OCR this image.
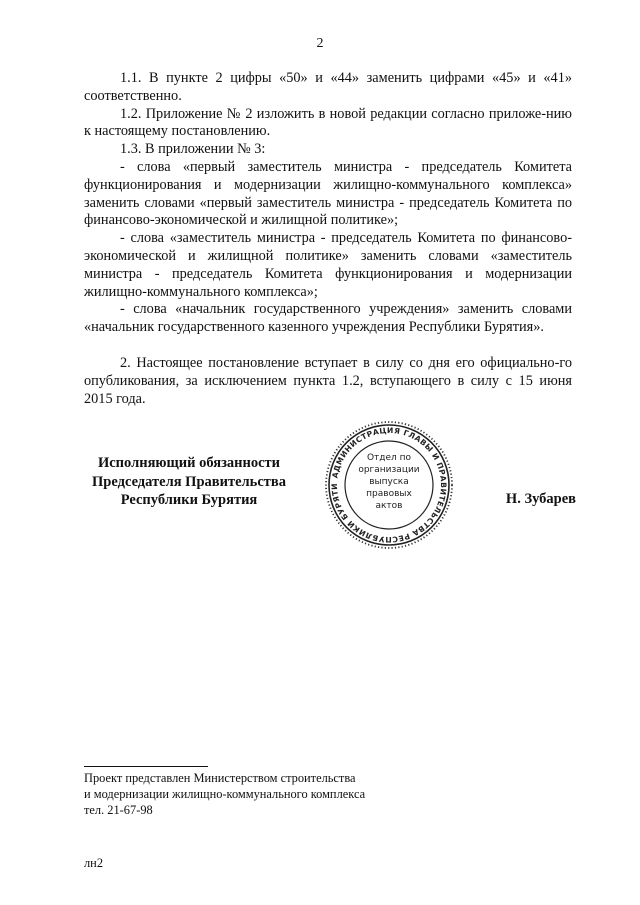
2

1.1. В пункте 2 цифры «50» и «44» заменить цифрами «45» и «41» соответственно.

1.2. Приложение № 2 изложить в новой редакции согласно приложе-нию к настоящему постановлению.

1.3. В приложении № 3:

- слова «первый заместитель министра - председатель Комитета функционирования и модернизации жилищно-коммунального комплекса» заменить словами «первый заместитель министра - председатель Комитета по финансово-экономической и жилищной политике»;

- слова «заместитель министра - председатель Комитета по финансово-экономической и жилищной политике» заменить словами «заместитель министра - председатель Комитета функционирования и модернизации жилищно-коммунального комплекса»;

- слова «начальник государственного учреждения» заменить словами «начальник государственного казенного учреждения Республики Бурятия».

2. Настоящее постановление вступает в силу со дня его официально-го опубликования, за исключением пункта 1.2, вступающего в силу с 15 июня 2015 года.

Исполняющий обязанности
Председателя Правительства
Республики Бурятия
АДМИНИСТРАЦИЯ ГЛАВЫ И ПРАВИТЕЛЬСТВА РЕСПУБЛИКИ БУРЯТИ
Отдел по
организации
выпуска
правовых
актов	Н. Зубарев
Проект представлен Министерством строительства
и модернизации жилищно-коммунального комплекса
тел. 21-67-98
лн2
